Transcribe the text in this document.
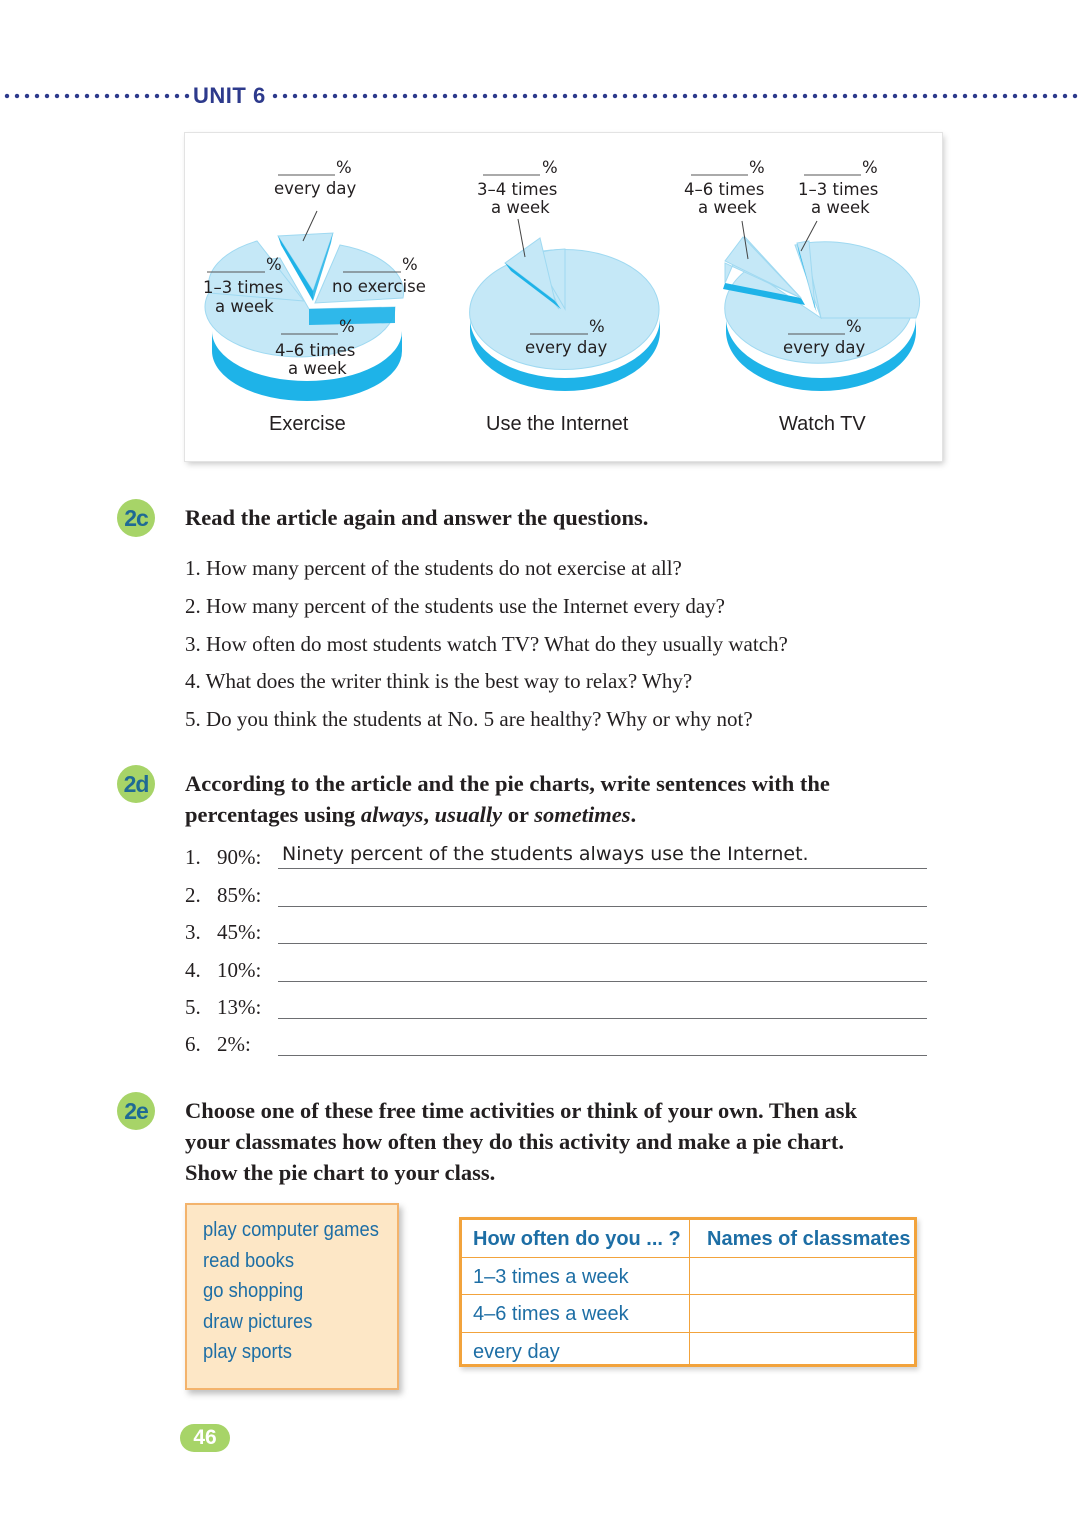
UNIT 6
%
every day
%
1–3 times
a week
%
no exercise
%
4–6 times
a week
Exercise
%
3–4 times
a week
%
every day
Use the Internet
%
4–6 times
a week
%
1–3 times
a week
%
every day
Watch TV
2c	Read the article again and answer the questions.
1. How many percent of the students do not exercise at all?
2. How many percent of the students use the Internet every day?
3. How often do most students watch TV? What do they usually watch?
4. What does the writer think is the best way to relax? Why?
5. Do you think the students at No. 5 are healthy? Why or why not?
2d According to the article and the pie charts, write sentences with the
percentages using always, usually or sometimes.
1. 90%: Ninety percent of the students always use the Internet.
2. 85%:
3. 45%:
4. 10%:
5. 13%:
6. 2%:
2e	Choose one of these free time activities or think of your own. Then ask
your classmates how often they do this activity and make a pie chart.
Show the pie chart to your class.
play computer games
read books
go shopping
draw pictures
play sports
How often do you ... ? Names of classmates
1–3 times a week
4–6 times a week
every day
46
